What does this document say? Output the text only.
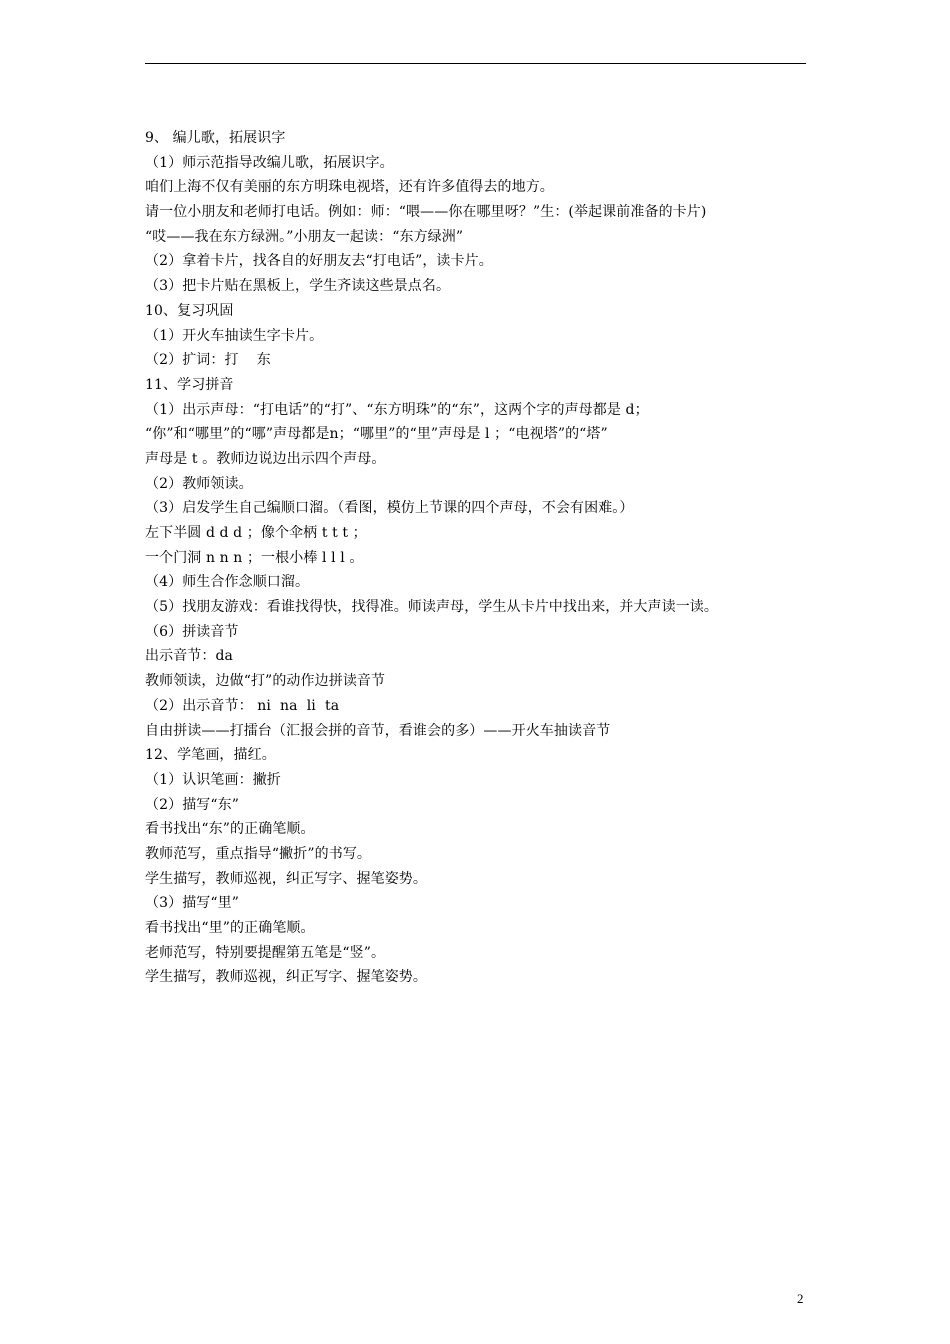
9、 编儿歌，拓展识字
（1）师示范指导改编儿歌，拓展识字。
咱们上海不仅有美丽的东方明珠电视塔，还有许多值得去的地方。
请一位小朋友和老师打电话。例如：师：“喂——你在哪里呀？”生：(举起课前准备的卡片)
“哎——我在东方绿洲。”小朋友一起读：“东方绿洲”
（2）拿着卡片，找各自的好朋友去“打电话”，读卡片。
（3）把卡片贴在黑板上，学生齐读这些景点名。
10、复习巩固
（1）开火车抽读生字卡片。
（2）扩词：打    东
11、学习拼音
（1）出示声母：“打电话”的“打”、“东方明珠”的“东”，这两个字的声母都是 d；
“你”和“哪里”的“哪”声母都是n；“哪里”的“里”声母是 l ；“电视塔”的“塔”
声母是 t 。教师边说边出示四个声母。
（2）教师领读。
（3）启发学生自己编顺口溜。（看图，模仿上节课的四个声母，不会有困难。）
左下半圆 d d d ；像个伞柄 t t t ；
一个门洞 n n n ；一根小棒 l l l 。
（4）师生合作念顺口溜。
（5）找朋友游戏：看谁找得快，找得准。师读声母，学生从卡片中找出来，并大声读一读。
（6）拼读音节
出示音节：da
教师领读，边做“打”的动作边拼读音节
（2）出示音节： ni  na  li  ta
自由拼读——打擂台（汇报会拼的音节，看谁会的多）——开火车抽读音节
12、学笔画，描红。
（1）认识笔画：撇折
（2）描写“东”
看书找出“东”的正确笔顺。
教师范写，重点指导“撇折”的书写。
学生描写，教师巡视，纠正写字、握笔姿势。
（3）描写“里”
看书找出“里”的正确笔顺。
老师范写，特别要提醒第五笔是“竖”。
学生描写，教师巡视，纠正写字、握笔姿势。
2
